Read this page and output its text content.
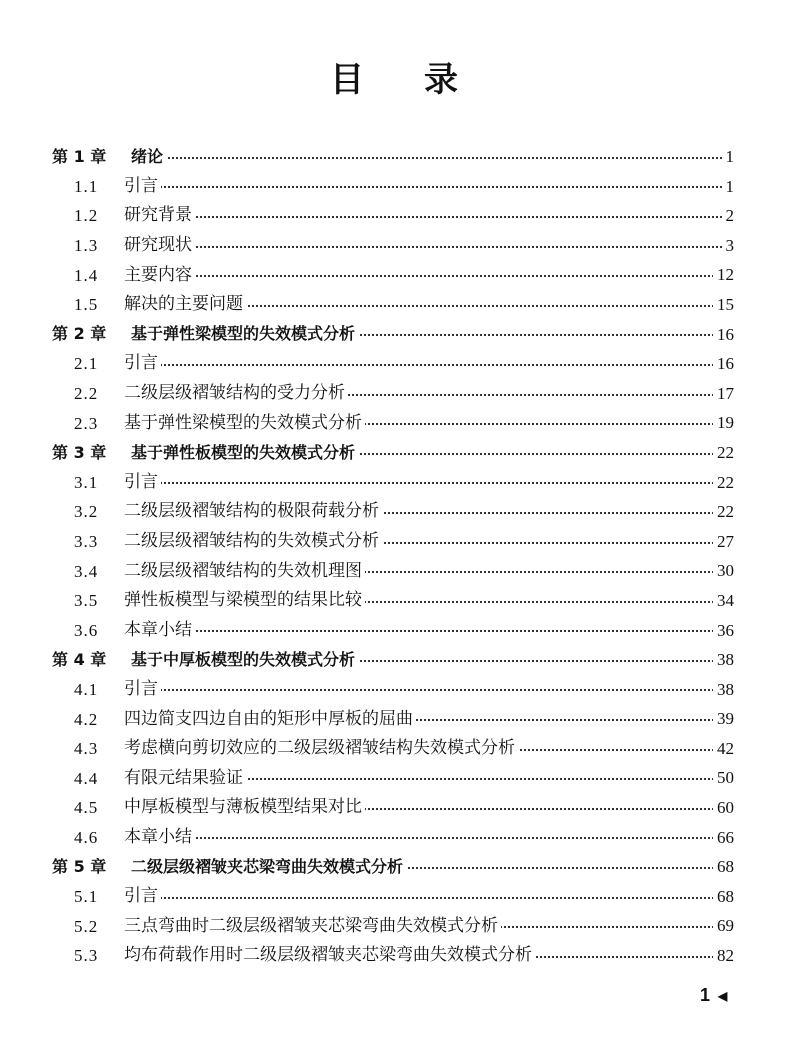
目 录
第 1 章 绪论	1
1.1 引言	1
1.2 研究背景	2
1.3 研究现状	3
1.4 主要内容	12
1.5 解决的主要问题	15
第 2 章 基于弹性梁模型的失效模式分析	16
2.1 引言	16
2.2 二级层级褶皱结构的受力分析	17
2.3 基于弹性梁模型的失效模式分析	19
第 3 章 基于弹性板模型的失效模式分析	22
3.1 引言	22
3.2 二级层级褶皱结构的极限荷载分析	22
3.3 二级层级褶皱结构的失效模式分析	27
3.4 二级层级褶皱结构的失效机理图	30
3.5 弹性板模型与梁模型的结果比较	34
3.6 本章小结	36
第 4 章 基于中厚板模型的失效模式分析	38
4.1 引言	38
4.2 四边简支四边自由的矩形中厚板的屈曲	39
4.3 考虑横向剪切效应的二级层级褶皱结构失效模式分析	42
4.4 有限元结果验证	50
4.5 中厚板模型与薄板模型结果对比	60
4.6 本章小结	66
第 5 章 二级层级褶皱夹芯梁弯曲失效模式分析	68
5.1 引言	68
5.2 三点弯曲时二级层级褶皱夹芯梁弯曲失效模式分析	69
5.3 均布荷载作用时二级层级褶皱夹芯梁弯曲失效模式分析	82
1 ◀
